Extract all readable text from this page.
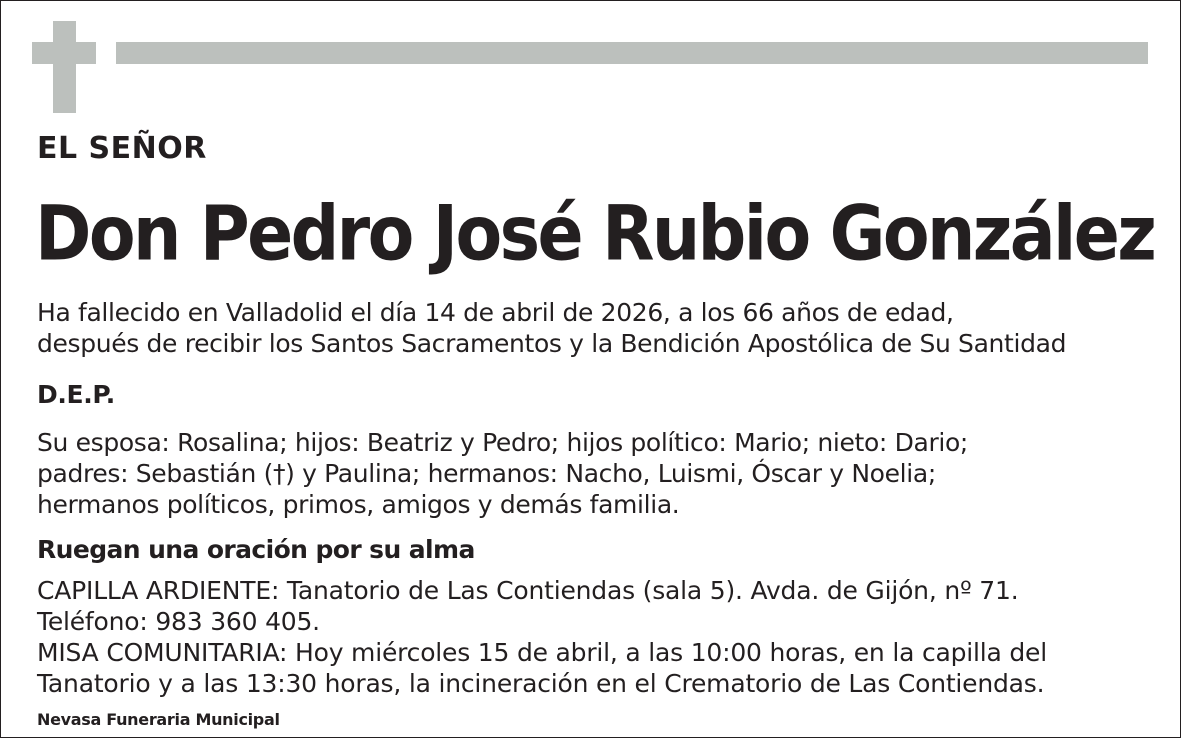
EL SEÑOR
Don Pedro José Rubio González
Ha fallecido en Valladolid el día 14 de abril de 2026, a los 66 años de edad,
después de recibir los Santos Sacramentos y la Bendición Apostólica de Su Santidad
D.E.P.
Su esposa: Rosalina; hijos: Beatriz y Pedro; hijos político: Mario; nieto: Dario;
padres: Sebastián (†) y Paulina; hermanos: Nacho, Luismi, Óscar y Noelia;
hermanos políticos, primos, amigos y demás familia.
Ruegan una oración por su alma
CAPILLA ARDIENTE: Tanatorio de Las Contiendas (sala 5). Avda. de Gijón, nº 71.
Teléfono: 983 360 405.
MISA COMUNITARIA: Hoy miércoles 15 de abril, a las 10:00 horas, en la capilla del
Tanatorio y a las 13:30 horas, la incineración en el Crematorio de Las Contiendas.
Nevasa Funeraria Municipal
